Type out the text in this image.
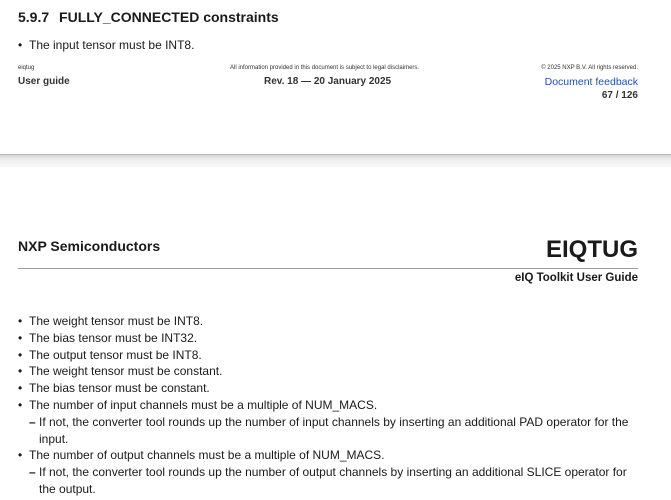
5.9.7 FULLY_CONNECTED constraints
• The input tensor must be INT8.
eiqtug	All information provided in this document is subject to legal disclaimers.	© 2025 NXP B.V. All rights reserved.
User guide	Rev. 18 — 20 January 2025	Document feedback
67 / 126
NXP Semiconductors	EIQTUG
eIQ Toolkit User Guide
• The weight tensor must be INT8.
• The bias tensor must be INT32.
• The output tensor must be INT8.
• The weight tensor must be constant.
• The bias tensor must be constant.
• The number of input channels must be a multiple of NUM_MACS.
– If not, the converter tool rounds up the number of input channels by inserting an additional PAD operator for the input.
• The number of output channels must be a multiple of NUM_MACS.
– If not, the converter tool rounds up the number of output channels by inserting an additional SLICE operator for the output.
